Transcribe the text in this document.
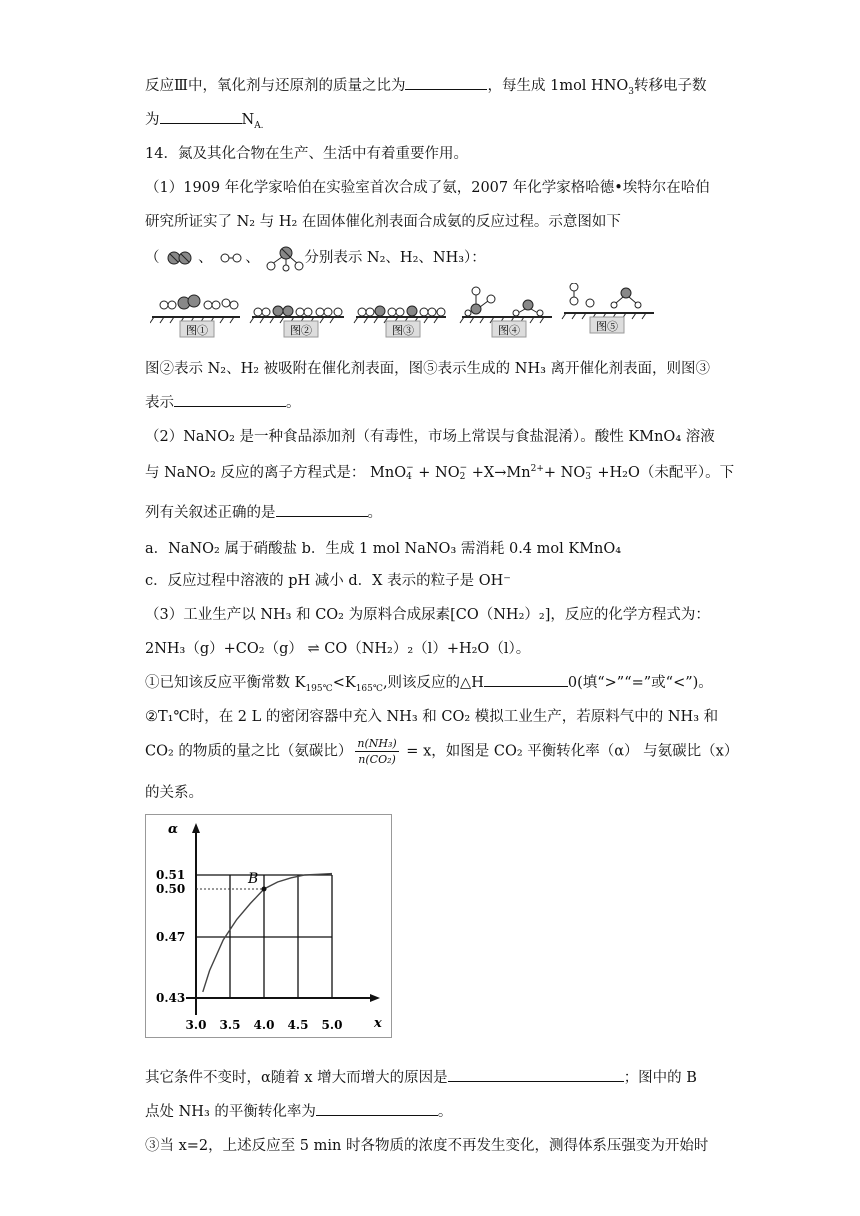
反应Ⅲ中，氧化剂与还原剂的质量之比为	，每生成 1mol $HNO_3$转移电子数
为	$N_{A.}$
14．氮及其化合物在生产、生活中有着重要作用。
（1）1909 年化学家哈伯在实验室首次合成了氨，2007 年化学家格哈德•埃特尔在哈伯
研究所证实了 N₂ 与 H₂ 在固体催化剂表面合成氨的反应过程。示意图如下
（	、 、	分别表示 N₂、H₂、NH₃）：
图①	图②	图③	图④	图⑤
图②表示 N₂、H₂ 被吸附在催化剂表面，图⑤表示生成的 NH₃ 离开催化剂表面，则图③
表示	。
（2）NaNO₂ 是一种食品添加剂（有毒性，市场上常误与食盐混淆）。酸性 KMnO₄ 溶液
与 NaNO₂ 反应的离子方程式是： MnO −
4 + NO −
$2 +X\to Mn^{2+}+$ NO −
3 +H₂O（未配平）。下
列有关叙述正确的是	。
a．NaNO₂ 属于硝酸盐 b．生成 1 mol NaNO₃ 需消耗 0.4 mol KMnO₄
c．反应过程中溶液的 pH 减小 d．X 表示的粒子是 OH⁻
（3）工业生产以 NH₃ 和 CO₂ 为原料合成尿素[CO（NH₂）₂]，反应的化学方程式为：
2NH₃（g）+CO₂（g） ⇌ CO（NH₂）₂（l）+H₂O（l）。
①已知该反应平衡常数 $K_{195℃}<K_{165℃}$,则该反应的△H	0(填“>”“=”或“<”)。
②T₁℃时，在 2 L 的密闭容器中充入 NH₃ 和 CO₂ 模拟工业生产，若原料气中的 NH₃ 和
CO₂ 的物质的量之比（氨碳比） $\frac{\text{n(NH₃)}}{\text{n(CO₂)}} = x$，如图是 CO₂ 平衡转化率（α） 与氨碳比（x）
的关系。
3.0 3.5 4.0 4.5 5.0
0.51
0.50
0.47
0.43
α
x
B
其它条件不变时，α随着 x 增大而增大的原因是	；图中的 B
点处 NH₃ 的平衡转化率为	。
③当 x=2，上述反应至 5 min 时各物质的浓度不再发生变化，测得体系压强变为开始时
